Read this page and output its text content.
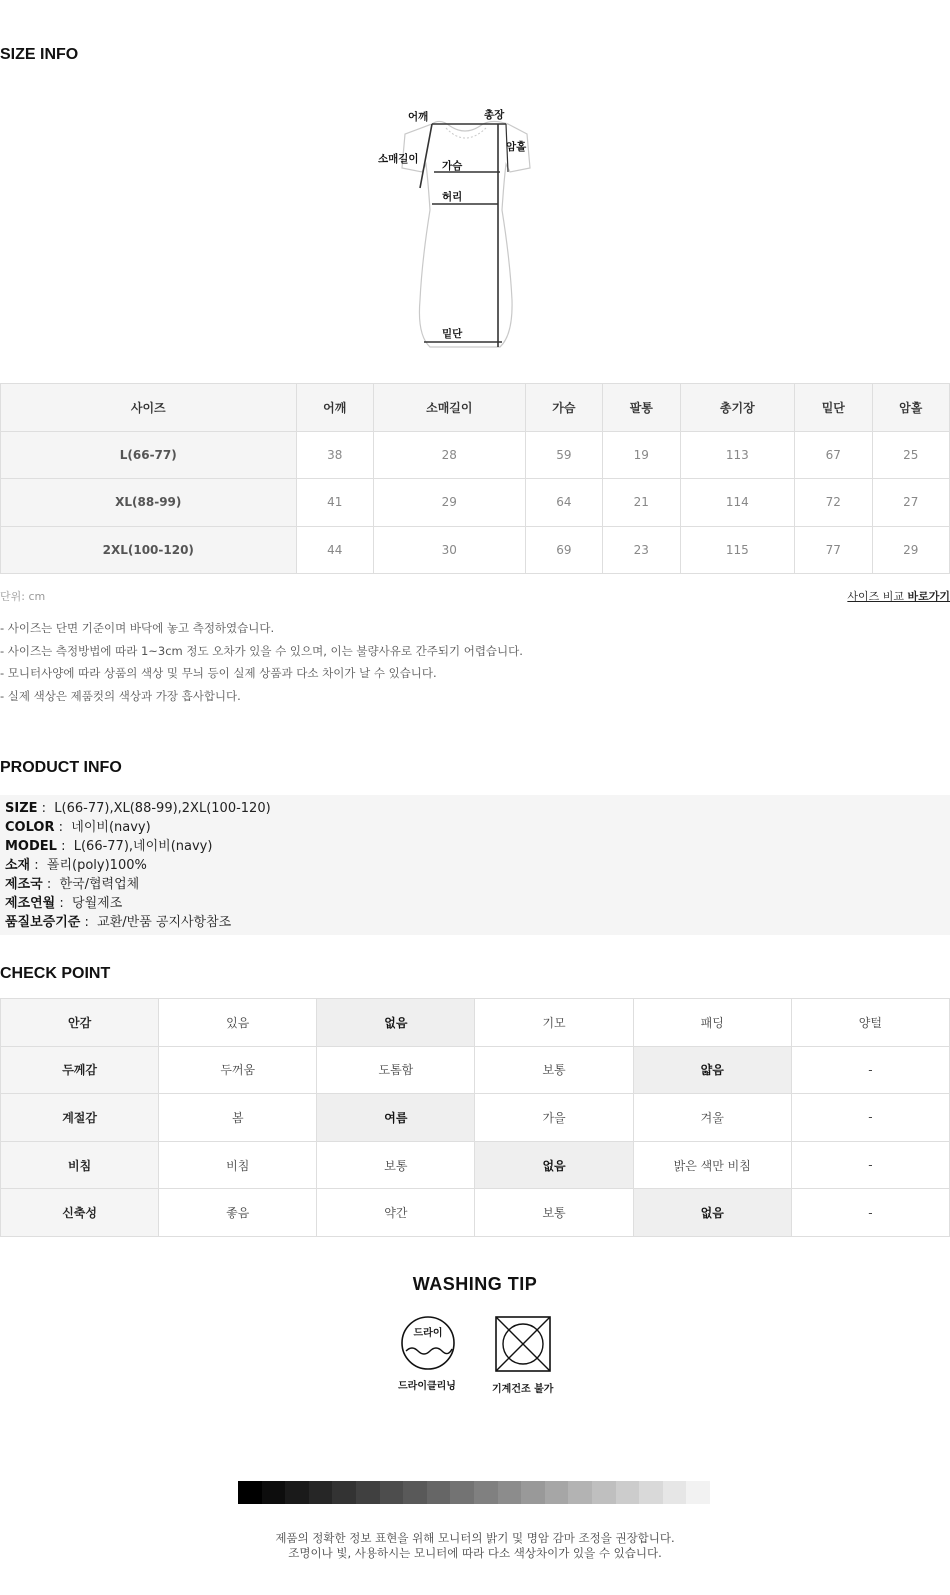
SIZE INFO
어깨	총장
암홀
소매길이
가슴
허리
밑단
사이즈	어깨	소매길이	가슴	팔통	총기장	밑단	암홀
L(66-77)	38	28	59	19	113	67	25
XL(88-99)	41	29	64	21	114	72	27
2XL(100-120)	44	30	69	23	115	77	29
단위: cm	사이즈 비교 바로가기
- 사이즈는 단면 기준이며 바닥에 놓고 측정하였습니다.
- 사이즈는 측정방법에 따라 1~3cm 정도 오차가 있을 수 있으며, 이는 불량사유로 간주되기 어렵습니다.
- 모니터사양에 따라 상품의 색상 및 무늬 등이 실제 상품과 다소 차이가 날 수 있습니다.
- 실제 색상은 제품컷의 색상과 가장 흡사합니다.
PRODUCT INFO
SIZE :  L(66-77),XL(88-99),2XL(100-120)
COLOR :  네이비(navy)
MODEL :  L(66-77),네이비(navy)
소재 :  폴리(poly)100%
제조국 :  한국/협력업체
제조연월 :  당월제조
품질보증기준 :  교환/반품 공지사항참조
CHECK POINT
안감	있음	없음	기모	패딩	양털
두께감	두꺼움	도톰함	보통	얇음	-
계절감	봄	여름	가을	겨울	-
비침	비침	보통	없음	밝은 색만 비침	-
신축성	좋음	약간	보통	없음	-
WASHING TIP
드라이
드라이클리닝	기계건조 불가
제품의 정확한 정보 표현을 위해 모니터의 밝기 및 명암 감마 조정을 권장합니다.
조명이나 빛, 사용하시는 모니터에 따라 다소 색상차이가 있을 수 있습니다.
